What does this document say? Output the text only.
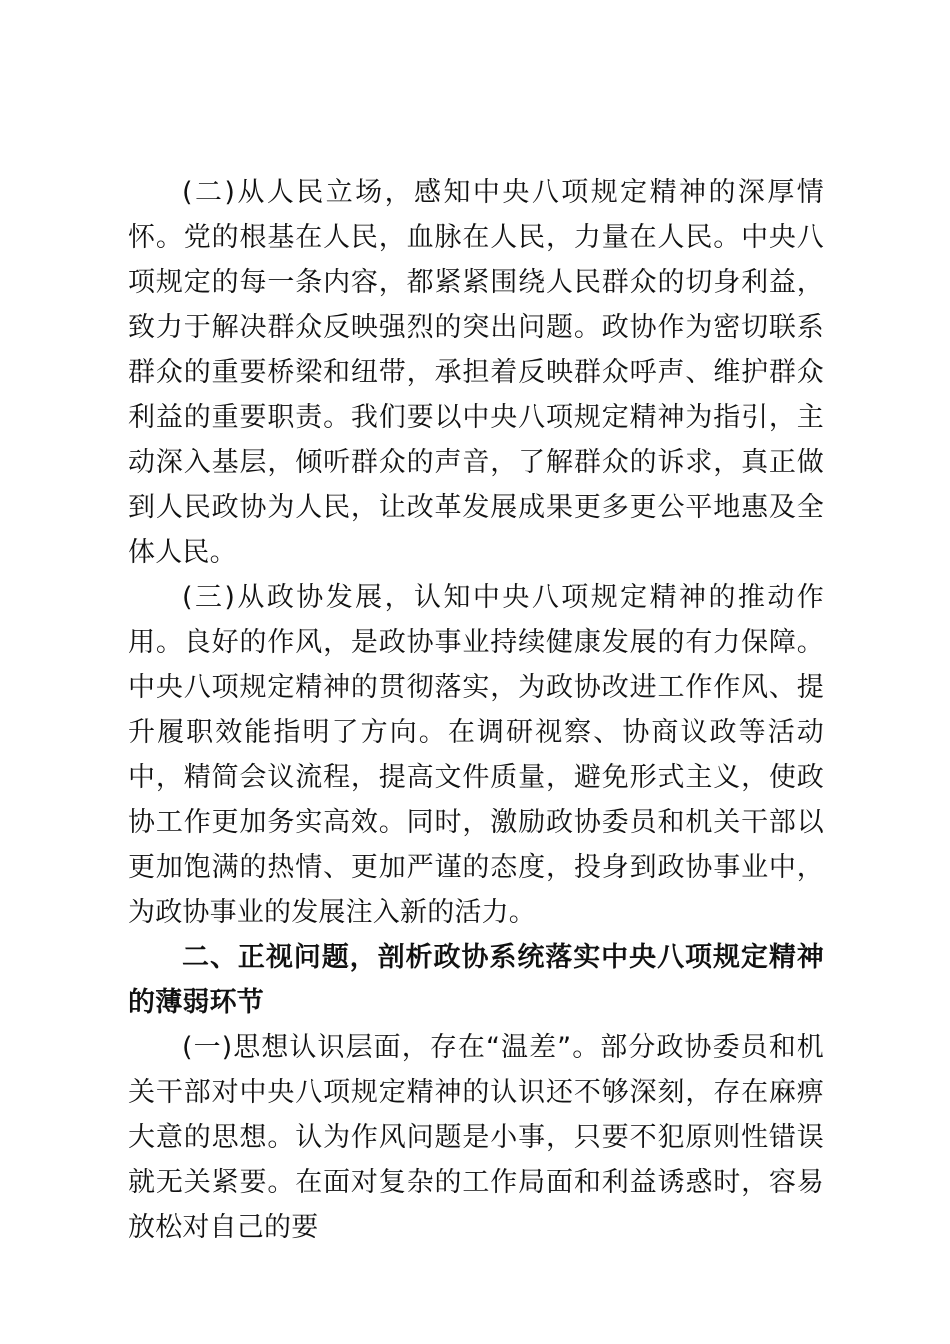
(二)从人民立场，感知中央八项规定精神的深厚情怀。党的根基在人民，血脉在人民，力量在人民。中央八项规定的每一条内容，都紧紧围绕人民群众的切身利益，致力于解决群众反映强烈的突出问题。政协作为密切联系群众的重要桥梁和纽带，承担着反映群众呼声、维护群众利益的重要职责。我们要以中央八项规定精神为指引，主动深入基层，倾听群众的声音，了解群众的诉求，真正做到人民政协为人民，让改革发展成果更多更公平地惠及全体人民。

(三)从政协发展，认知中央八项规定精神的推动作用。良好的作风，是政协事业持续健康发展的有力保障。中央八项规定精神的贯彻落实，为政协改进工作作风、提升履职效能指明了方向。在调研视察、协商议政等活动中，精简会议流程，提高文件质量，避免形式主义，使政协工作更加务实高效。同时，激励政协委员和机关干部以更加饱满的热情、更加严谨的态度，投身到政协事业中，为政协事业的发展注入新的活力。

二、正视问题，剖析政协系统落实中央八项规定精神的薄弱环节

(一)思想认识层面，存在“温差”。部分政协委员和机关干部对中央八项规定精神的认识还不够深刻，存在麻痹大意的思想。认为作风问题是小事，只要不犯原则性错误就无关紧要。在面对复杂的工作局面和利益诱惑时，容易放松对自己的要
